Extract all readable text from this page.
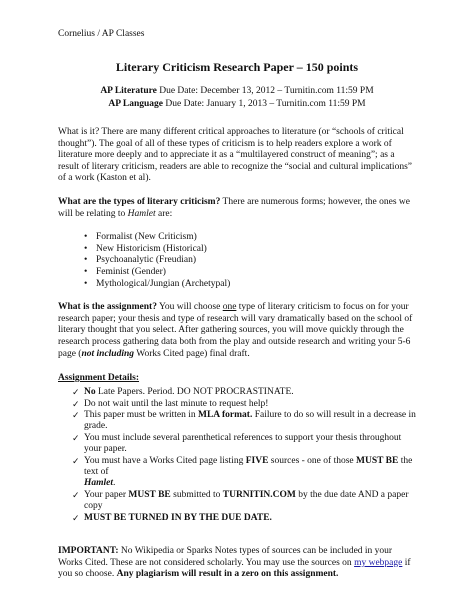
Cornelius / AP Classes
Literary Criticism Research Paper – 150 points

AP Literature Due Date: December 13, 2012 – Turnitin.com 11:59 PM

AP Language Due Date: January 1, 2013 – Turnitin.com 11:59 PM

What is it? There are many different critical approaches to literature (or “schools of critical thought”). The goal of all of these types of criticism is to help readers explore a work of literature more deeply and to appreciate it as a “multilayered construct of meaning”; as a result of literary criticism, readers are able to recognize the “social and cultural implications” of a work (Kaston et al).

What are the types of literary criticism? There are numerous forms; however, the ones we will be relating to Hamlet are:

• Formalist (New Criticism)
• New Historicism (Historical)
• Psychoanalytic (Freudian)
• Feminist (Gender)
• Mythological/Jungian (Archetypal)

What is the assignment? You will choose one type of literary criticism to focus on for your research paper; your thesis and type of research will vary dramatically based on the school of literary thought that you select. After gathering sources, you will move quickly through the research process gathering data both from the play and outside research and writing your 5-6 page (not including Works Cited page) final draft.

Assignment Details:
✓ No Late Papers. Period. DO NOT PROCRASTINATE.
✓ Do not wait until the last minute to request help!
✓ This paper must be written in MLA format. Failure to do so will result in a decrease in grade.
✓ You must include several parenthetical references to support your thesis throughout your paper.
✓ You must have a Works Cited page listing FIVE sources - one of those MUST BE the text of
Hamlet.
✓ Your paper MUST BE submitted to TURNITIN.COM by the due date AND a paper copy
✓ MUST BE TURNED IN BY THE DUE DATE.

IMPORTANT: No Wikipedia or Sparks Notes types of sources can be included in your Works Cited. These are not considered scholarly. You may use the sources on my webpage if you so choose. Any plagiarism will result in a zero on this assignment.
